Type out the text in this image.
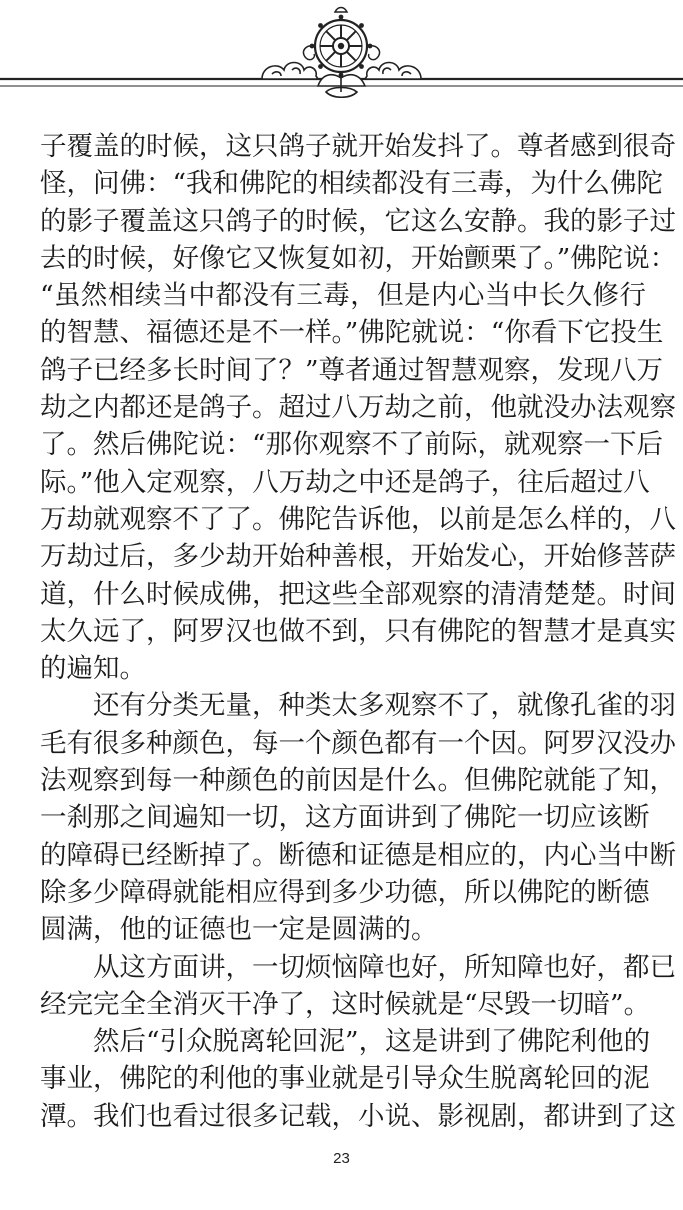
子覆盖的时候，这只鸽子就开始发抖了。尊者感到很奇
怪，问佛：“我和佛陀的相续都没有三毒，为什么佛陀
的影子覆盖这只鸽子的时候，它这么安静。我的影子过
去的时候，好像它又恢复如初，开始颤栗了。”佛陀说：
“虽然相续当中都没有三毒，但是内心当中长久修行
的智慧、福德还是不一样。”佛陀就说：“你看下它投生
鸽子已经多长时间了？”尊者通过智慧观察，发现八万
劫之内都还是鸽子。超过八万劫之前，他就没办法观察
了。然后佛陀说：“那你观察不了前际，就观察一下后
际。”他入定观察，八万劫之中还是鸽子，往后超过八
万劫就观察不了了。佛陀告诉他，以前是怎么样的，八
万劫过后，多少劫开始种善根，开始发心，开始修菩萨
道，什么时候成佛，把这些全部观察的清清楚楚。时间
太久远了，阿罗汉也做不到，只有佛陀的智慧才是真实
的遍知。
还有分类无量，种类太多观察不了，就像孔雀的羽
毛有很多种颜色，每一个颜色都有一个因。阿罗汉没办
法观察到每一种颜色的前因是什么。但佛陀就能了知，
一刹那之间遍知一切，这方面讲到了佛陀一切应该断
的障碍已经断掉了。断德和证德是相应的，内心当中断
除多少障碍就能相应得到多少功德，所以佛陀的断德
圆满，他的证德也一定是圆满的。
从这方面讲，一切烦恼障也好，所知障也好，都已
经完完全全消灭干净了，这时候就是“尽毁一切暗”。
然后“引众脱离轮回泥”，这是讲到了佛陀利他的
事业，佛陀的利他的事业就是引导众生脱离轮回的泥
潭。我们也看过很多记载，小说、影视剧，都讲到了这
23
